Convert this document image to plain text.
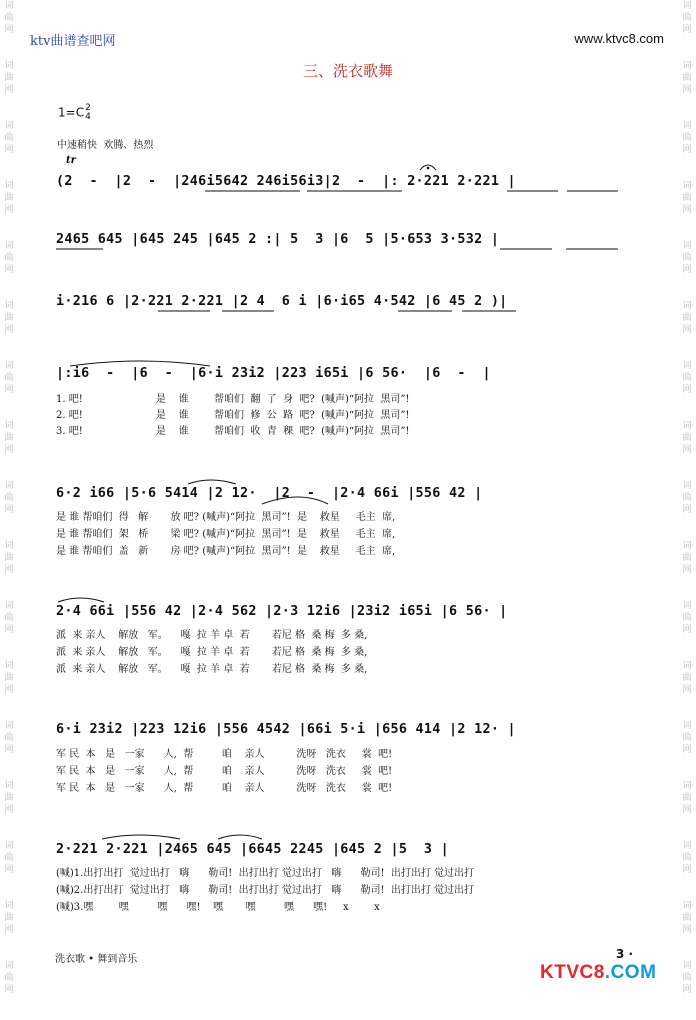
词
曲
网
词
曲
网
词
曲
网
词
曲
网
词
曲
网
词
曲
网
词
曲
网
词
曲
网
词
曲
网
词
曲
网
词
曲
网
词
曲
网
词
曲
网
词
曲
网
词
曲
网
词
曲
网
词
曲
网
词
曲
网
词
曲
网
词
曲
网
词
曲
网
词
曲
网
词
曲
网
词
曲
网
词
曲
网
词
曲
网
词
曲
网
词
曲
网
词
曲
网
词
曲
网
词
曲
网
词
曲
网
词
曲
网
词
曲
网
ktv曲谱查吧网	www.ktvc8.com
三、洗衣歌舞
1=C2
4
中速稍快  欢腾、热烈
(2  -  |2  -  |246i5642 246i56i3|2  -  |: 2·221 2·221 |
2465 645 |645 245 |645 2 :| 5  3 |6  5 |5·653 3·532 |
i·216 6 |2·221 2·221 |2 4  6 i |6·i65 4·542 |6 45 2 )|
|:i6  -  |6  -  |6·i 23i2 |223 i65i |6 56·  |6  -  |
1. 吧!                       是    谁        帮咱们  翻  了  身  吧?  (喊声)“阿拉  黑司”!
2. 吧!                       是    谁        帮咱们  修  公  路  吧?  (喊声)“阿拉  黑司”!
3. 吧!                       是    谁        帮咱们  收  青  稞  吧?  (喊声)“阿拉  黑司”!
6·2 i66 |5·6 5414 |2 12·  |2  -  |2·4 66i |556 42 |
是 谁 帮咱们  得   解       放 吧? (喊声)“阿拉  黑司”!  是    救星     毛主  席,
是 谁 帮咱们  架   桥       梁 吧? (喊声)“阿拉  黑司”!  是    救星     毛主  席,
是 谁 帮咱们  盖   新       房 吧? (喊声)“阿拉  黑司”!  是    救星     毛主  席,
2·4 66i |556 42 |2·4 562 |2·3 12i6 |23i2 i65i |6 56· |
派  来 亲人    解放   军。    嘎  拉 羊 卓  若       若尼 格  桑 梅  多 桑,
派  来 亲人    解放   军。    嘎  拉 羊 卓  若       若尼 格  桑 梅  多 桑,
派  来 亲人    解放   军。    嘎  拉 羊 卓  若       若尼 格  桑 梅  多 桑,
6·i 23i2 |223 12i6 |556 4542 |66i 5·i |656 414 |2 12· |
军 民  本   是   一家      人,  帮         咱    亲人          洗呀   洗衣     裳  吧!
军 民  本   是   一家      人,  帮         咱    亲人          洗呀   洗衣     裳  吧!
军 民  本   是   一家      人,  帮         咱    亲人          洗呀   洗衣     裳  吧!
2·221 2·221 |2465 645 |6645 2245 |645 2 |5  3 |
(喊)1.出打出打  觉过出打   嗨      勒司!  出打出打 觉过出打   嗨      勒司!  出打出打 觉过出打
(喊)2.出打出打  觉过出打   嗨      勒司!  出打出打 觉过出打   嗨      勒司!  出打出打 觉过出打
(喊)3.嘿        嘿         嘿      嘿!    嘿       嘿         嘿      嘿!     x        x
tr
洗衣歌 • 舞到音乐	3 ·
KTVC8.COM
